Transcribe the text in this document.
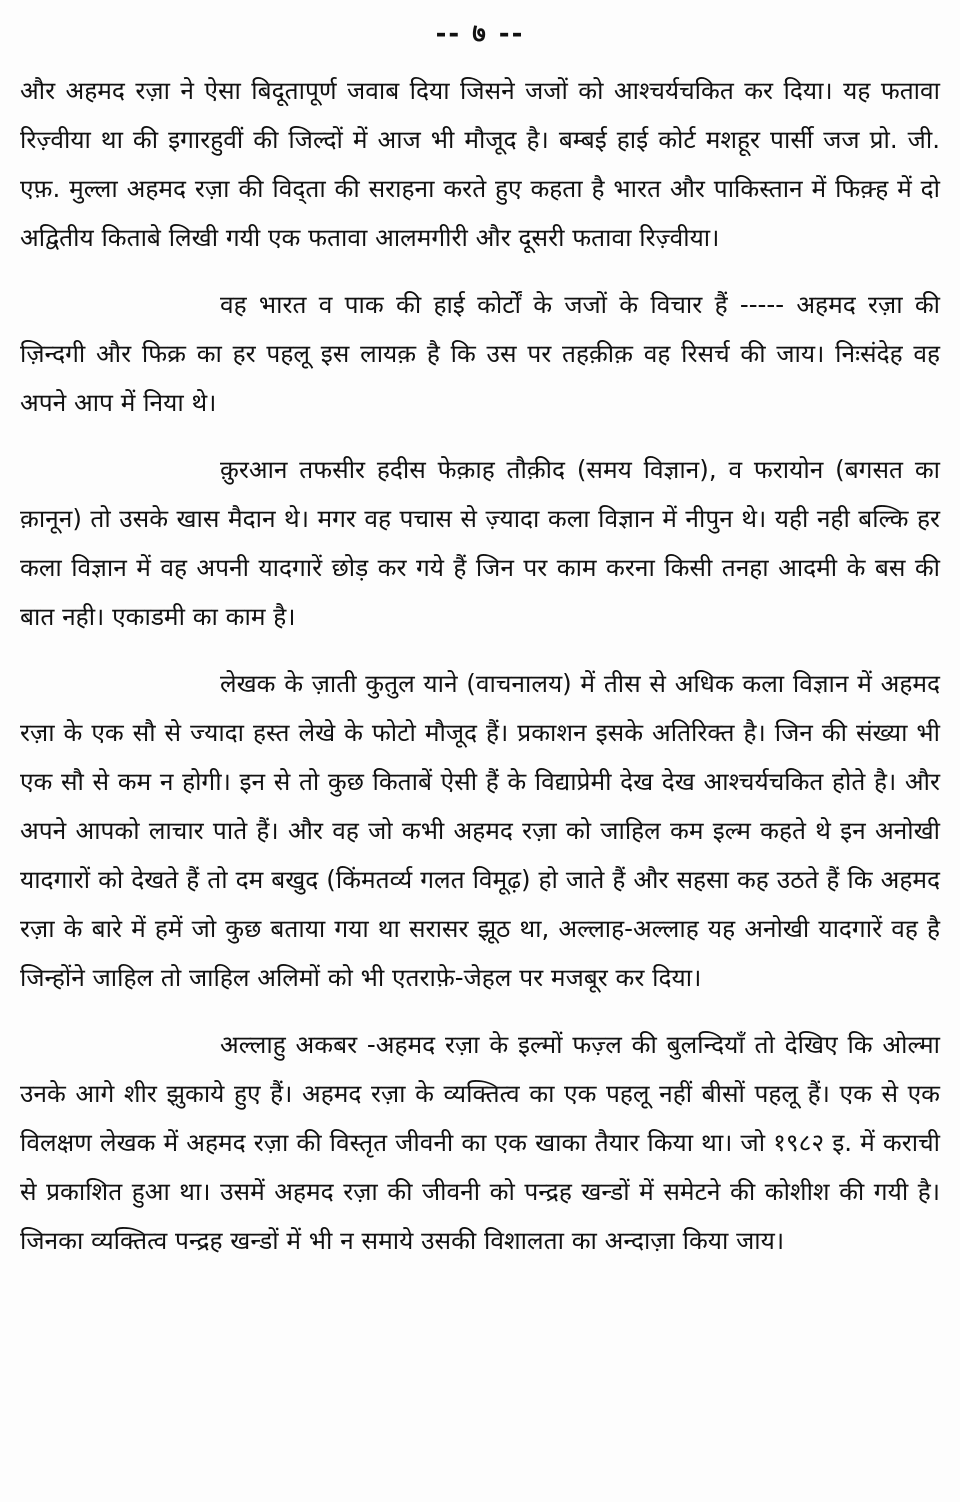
-- ७ --

और अहमद रज़ा ने ऐसा बिदूतापूर्ण जवाब दिया जिसने जजों को आश्चर्यचकित कर दिया। यह फतावा रिज़्वीया था की इगारहुवीं की जिल्दों में आज भी मौजूद है। बम्बई हाई कोर्ट मशहूर पार्सी जज प्रो. जी. एफ़. मुल्ला अहमद रज़ा की विद्ता की सराहना करते हुए कहता है भारत और पाकिस्तान में फिक़्ह में दो अद्वितीय किताबे लिखी गयी एक फतावा आलमगीरी और दूसरी फतावा रिज़्वीया।

वह भारत व पाक की हाई कोर्टों के जजों के विचार हैं ----- अहमद रज़ा की ज़िन्दगी और फिक्र का हर पहलू इस लायक़ है कि उस पर तहक़ीक़ वह रिसर्च की जाय। निःसंदेह वह अपने आप में निया थे।

क़ुरआन तफसीर हदीस फेक़ाह तौक़ीद (समय विज्ञान), व फरायोन (बगसत का क़ानून) तो उसके खास मैदान थे। मगर वह पचास से ज़्यादा कला विज्ञान में नीपुन थे। यही नही बल्कि हर कला विज्ञान में वह अपनी यादगारें छोड़ कर गये हैं जिन पर काम करना किसी तनहा आदमी के बस की बात नही। एकाडमी का काम है।

लेखक के ज़ाती कुतुल याने (वाचनालय) में तीस से अधिक कला विज्ञान में अहमद रज़ा के एक सौ से ज्यादा हस्त लेखे के फोटो मौजूद हैं। प्रकाशन इसके अतिरिक्त है। जिन की संख्या भी एक सौ से कम न होगी। इन से तो कुछ किताबें ऐसी हैं के विद्याप्रेमी देख देख आश्चर्यचकित होते है। और अपने आपको लाचार पाते हैं। और वह जो कभी अहमद रज़ा को जाहिल कम इल्म कहते थे इन अनोखी यादगारों को देखते हैं तो दम बखुद (किंमतर्व्य गलत विमूढ़) हो जाते हैं और सहसा कह उठते हैं कि अहमद रज़ा के बारे में हमें जो कुछ बताया गया था सरासर झूठ था, अल्लाह-अल्लाह यह अनोखी यादगारें वह है जिन्होंने जाहिल तो जाहिल अलिमों को भी एतराफ़े-जेहल पर मजबूर कर दिया।

अल्लाहु अकबर -अहमद रज़ा के इल्मों फज़्ल की बुलन्दियाँ तो देखिए कि ओल्मा उनके आगे शीर झुकाये हुए हैं। अहमद रज़ा के व्यक्तित्व का एक पहलू नहीं बीसों पहलू हैं। एक से एक विलक्षण लेखक में अहमद रज़ा की विस्तृत जीवनी का एक खाका तैयार किया था। जो १९८२ इ. में कराची से प्रकाशित हुआ था। उसमें अहमद रज़ा की जीवनी को पन्द्रह खन्डों में समेटने की कोशीश की गयी है। जिनका व्यक्तित्व पन्द्रह खन्डों में भी न समाये उसकी विशालता का अन्दाज़ा किया जाय।
